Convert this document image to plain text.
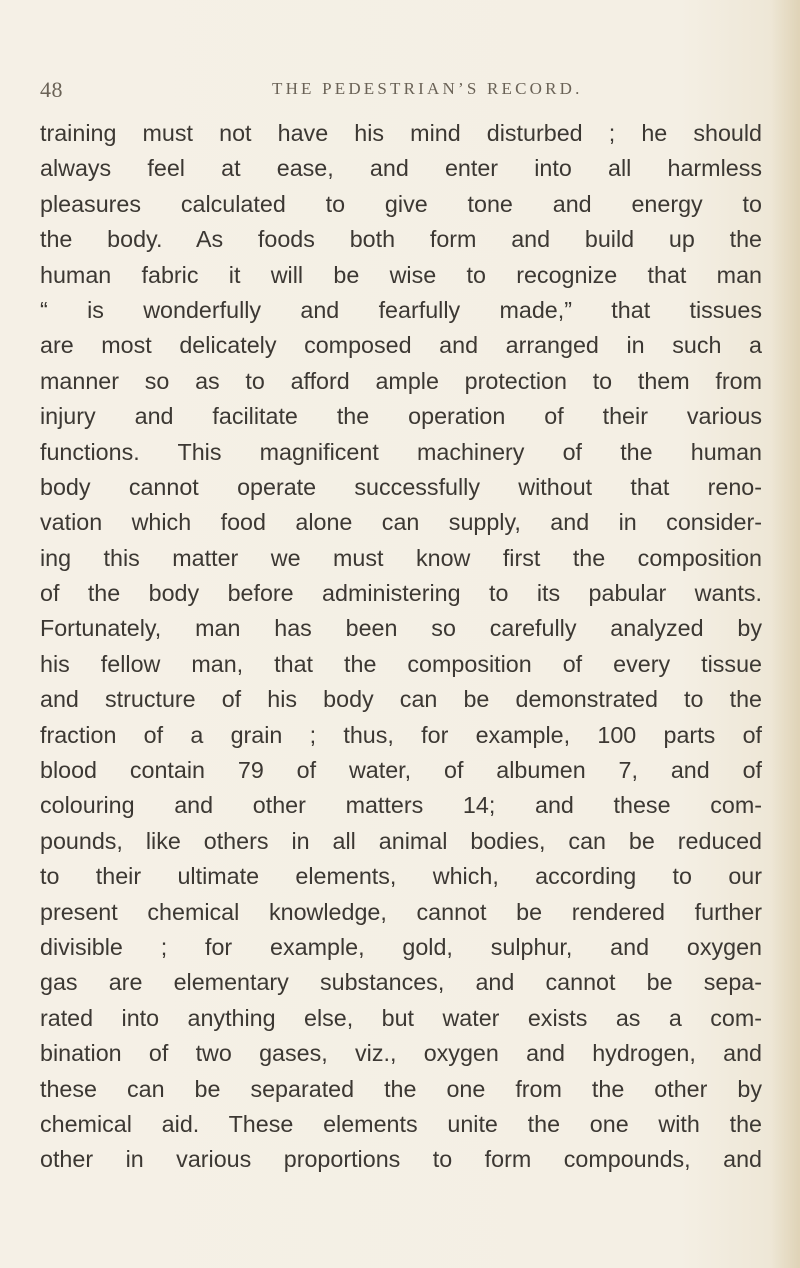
48	THE PEDESTRIAN’S RECORD.
training must not have his mind disturbed ; he should
always feel at ease, and enter into all harmless
pleasures calculated to give tone and energy to
the body. As foods both form and build up the
human fabric it will be wise to recognize that man
“ is wonderfully and fearfully made,” that tissues
are most delicately composed and arranged in such a
manner so as to afford ample protection to them from
injury and facilitate the operation of their various
functions. This magnificent machinery of the human
body cannot operate successfully without that reno-
vation which food alone can supply, and in consider-
ing this matter we must know first the composition
of the body before administering to its pabular wants.
Fortunately, man has been so carefully analyzed by
his fellow man, that the composition of every tissue
and structure of his body can be demonstrated to the
fraction of a grain ; thus, for example, 100 parts of
blood contain 79 of water, of albumen 7, and of
colouring and other matters 14; and these com-
pounds, like others in all animal bodies, can be reduced
to their ultimate elements, which, according to our
present chemical knowledge, cannot be rendered further
divisible ; for example, gold, sulphur, and oxygen
gas are elementary substances, and cannot be sepa-
rated into anything else, but water exists as a com-
bination of two gases, viz., oxygen and hydrogen, and
these can be separated the one from the other by
chemical aid. These elements unite the one with the
other in various proportions to form compounds, and
